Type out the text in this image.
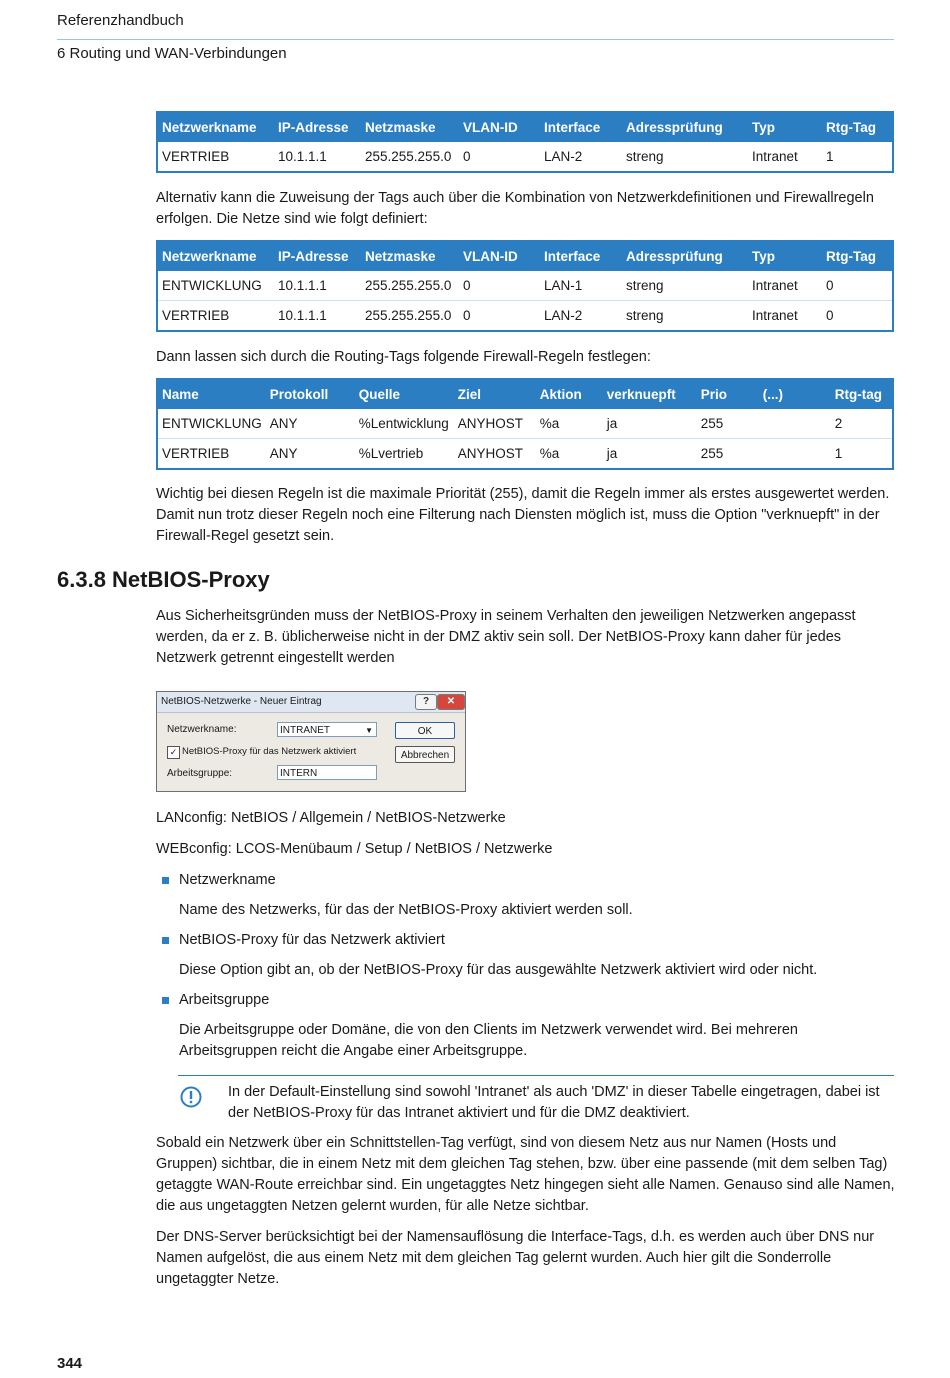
Referenzhandbuch
6 Routing und WAN-Verbindungen
Netzwerkname	IP-Adresse	Netzmaske	VLAN-ID	Interface	Adressprüfung	Typ	Rtg-Tag
VERTRIEB	10.1.1.1	255.255.255.0	0	LAN-2	streng	Intranet	1
Alternativ kann die Zuweisung der Tags auch über die Kombination von Netzwerkdefinitionen und Firewallregeln erfolgen. Die Netze sind wie folgt definiert:
Netzwerkname	IP-Adresse	Netzmaske	VLAN-ID	Interface	Adressprüfung	Typ	Rtg-Tag
ENTWICKLUNG	10.1.1.1	255.255.255.0	0	LAN-1	streng	Intranet	0
VERTRIEB	10.1.1.1	255.255.255.0	0	LAN-2	streng	Intranet	0
Dann lassen sich durch die Routing-Tags folgende Firewall-Regeln festlegen:
Name	Protokoll	Quelle	Ziel	Aktion	verknuepft	Prio	(...)	Rtg-tag
ENTWICKLUNG	ANY	%Lentwicklung	ANYHOST	%a	ja	255		2
VERTRIEB	ANY	%Lvertrieb	ANYHOST	%a	ja	255		1
Wichtig bei diesen Regeln ist die maximale Priorität (255), damit die Regeln immer als erstes ausgewertet werden. Damit nun trotz dieser Regeln noch eine Filterung nach Diensten möglich ist, muss die Option "verknuepft" in der Firewall-Regel gesetzt sein.
6.3.8 NetBIOS-Proxy
Aus Sicherheitsgründen muss der NetBIOS-Proxy in seinem Verhalten den jeweiligen Netzwerken angepasst werden, da er z. B. üblicherweise nicht in der DMZ aktiv sein soll. Der NetBIOS-Proxy kann daher für jedes Netzwerk getrennt eingestellt werden
NetBIOS-Netzwerke - Neuer Eintrag	?	✕
Netzwerkname:	INTRANET	▼
✓ NetBIOS-Proxy für das Netzwerk aktiviert
Arbeitsgruppe:	INTERN
OK
Abbrechen
LANconfig: NetBIOS / Allgemein / NetBIOS-Netzwerke
WEBconfig: LCOS-Menübaum / Setup / NetBIOS / Netzwerke
Netzwerkname
Name des Netzwerks, für das der NetBIOS-Proxy aktiviert werden soll.
NetBIOS-Proxy für das Netzwerk aktiviert
Diese Option gibt an, ob der NetBIOS-Proxy für das ausgewählte Netzwerk aktiviert wird oder nicht.
Arbeitsgruppe
Die Arbeitsgruppe oder Domäne, die von den Clients im Netzwerk verwendet wird. Bei mehreren Arbeitsgruppen reicht die Angabe einer Arbeitsgruppe.
In der Default-Einstellung sind sowohl 'Intranet' als auch 'DMZ' in dieser Tabelle eingetragen, dabei ist der NetBIOS-Proxy für das Intranet aktiviert und für die DMZ deaktiviert.
Sobald ein Netzwerk über ein Schnittstellen-Tag verfügt, sind von diesem Netz aus nur Namen (Hosts und Gruppen) sichtbar, die in einem Netz mit dem gleichen Tag stehen, bzw. über eine passende (mit dem selben Tag) getaggte WAN-Route erreichbar sind. Ein ungetaggtes Netz hingegen sieht alle Namen. Genauso sind alle Namen, die aus ungetaggten Netzen gelernt wurden, für alle Netze sichtbar.
Der DNS-Server berücksichtigt bei der Namensauflösung die Interface-Tags, d.h. es werden auch über DNS nur Namen aufgelöst, die aus einem Netz mit dem gleichen Tag gelernt wurden. Auch hier gilt die Sonderrolle ungetaggter Netze.
344
